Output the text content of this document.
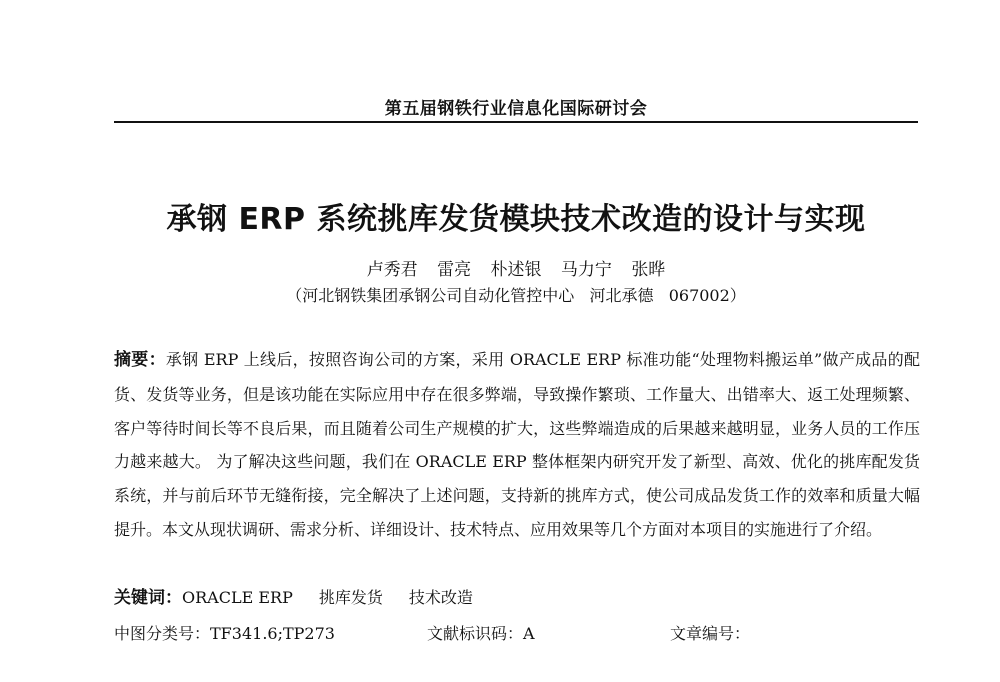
第五届钢铁行业信息化国际研讨会
承钢 ERP 系统挑库发货模块技术改造的设计与实现
卢秀君 雷亮 朴述银 马力宁 张晔
（河北钢铁集团承钢公司自动化管控中心   河北承德   067002）
摘要：承钢 ERP 上线后，按照咨询公司的方案，采用 ORACLE ERP 标准功能“处理物料搬运单”做产成品的配货、发货等业务，但是该功能在实际应用中存在很多弊端，导致操作繁琐、工作量大、出错率大、返工处理频繁、客户等待时间长等不良后果，而且随着公司生产规模的扩大，这些弊端造成的后果越来越明显，业务人员的工作压力越来越大。 为了解决这些问题，我们在 ORACLE ERP 整体框架内研究开发了新型、高效、优化的挑库配发货系统，并与前后环节无缝衔接，完全解决了上述问题，支持新的挑库方式，使公司成品发货工作的效率和质量大幅提升。本文从现状调研、需求分析、详细设计、技术特点、应用效果等几个方面对本项目的实施进行了介绍。
关键词：ORACLE ERP 挑库发货 技术改造
中图分类号：TF341.6;TP273	文献标识码：A	文章编号：
